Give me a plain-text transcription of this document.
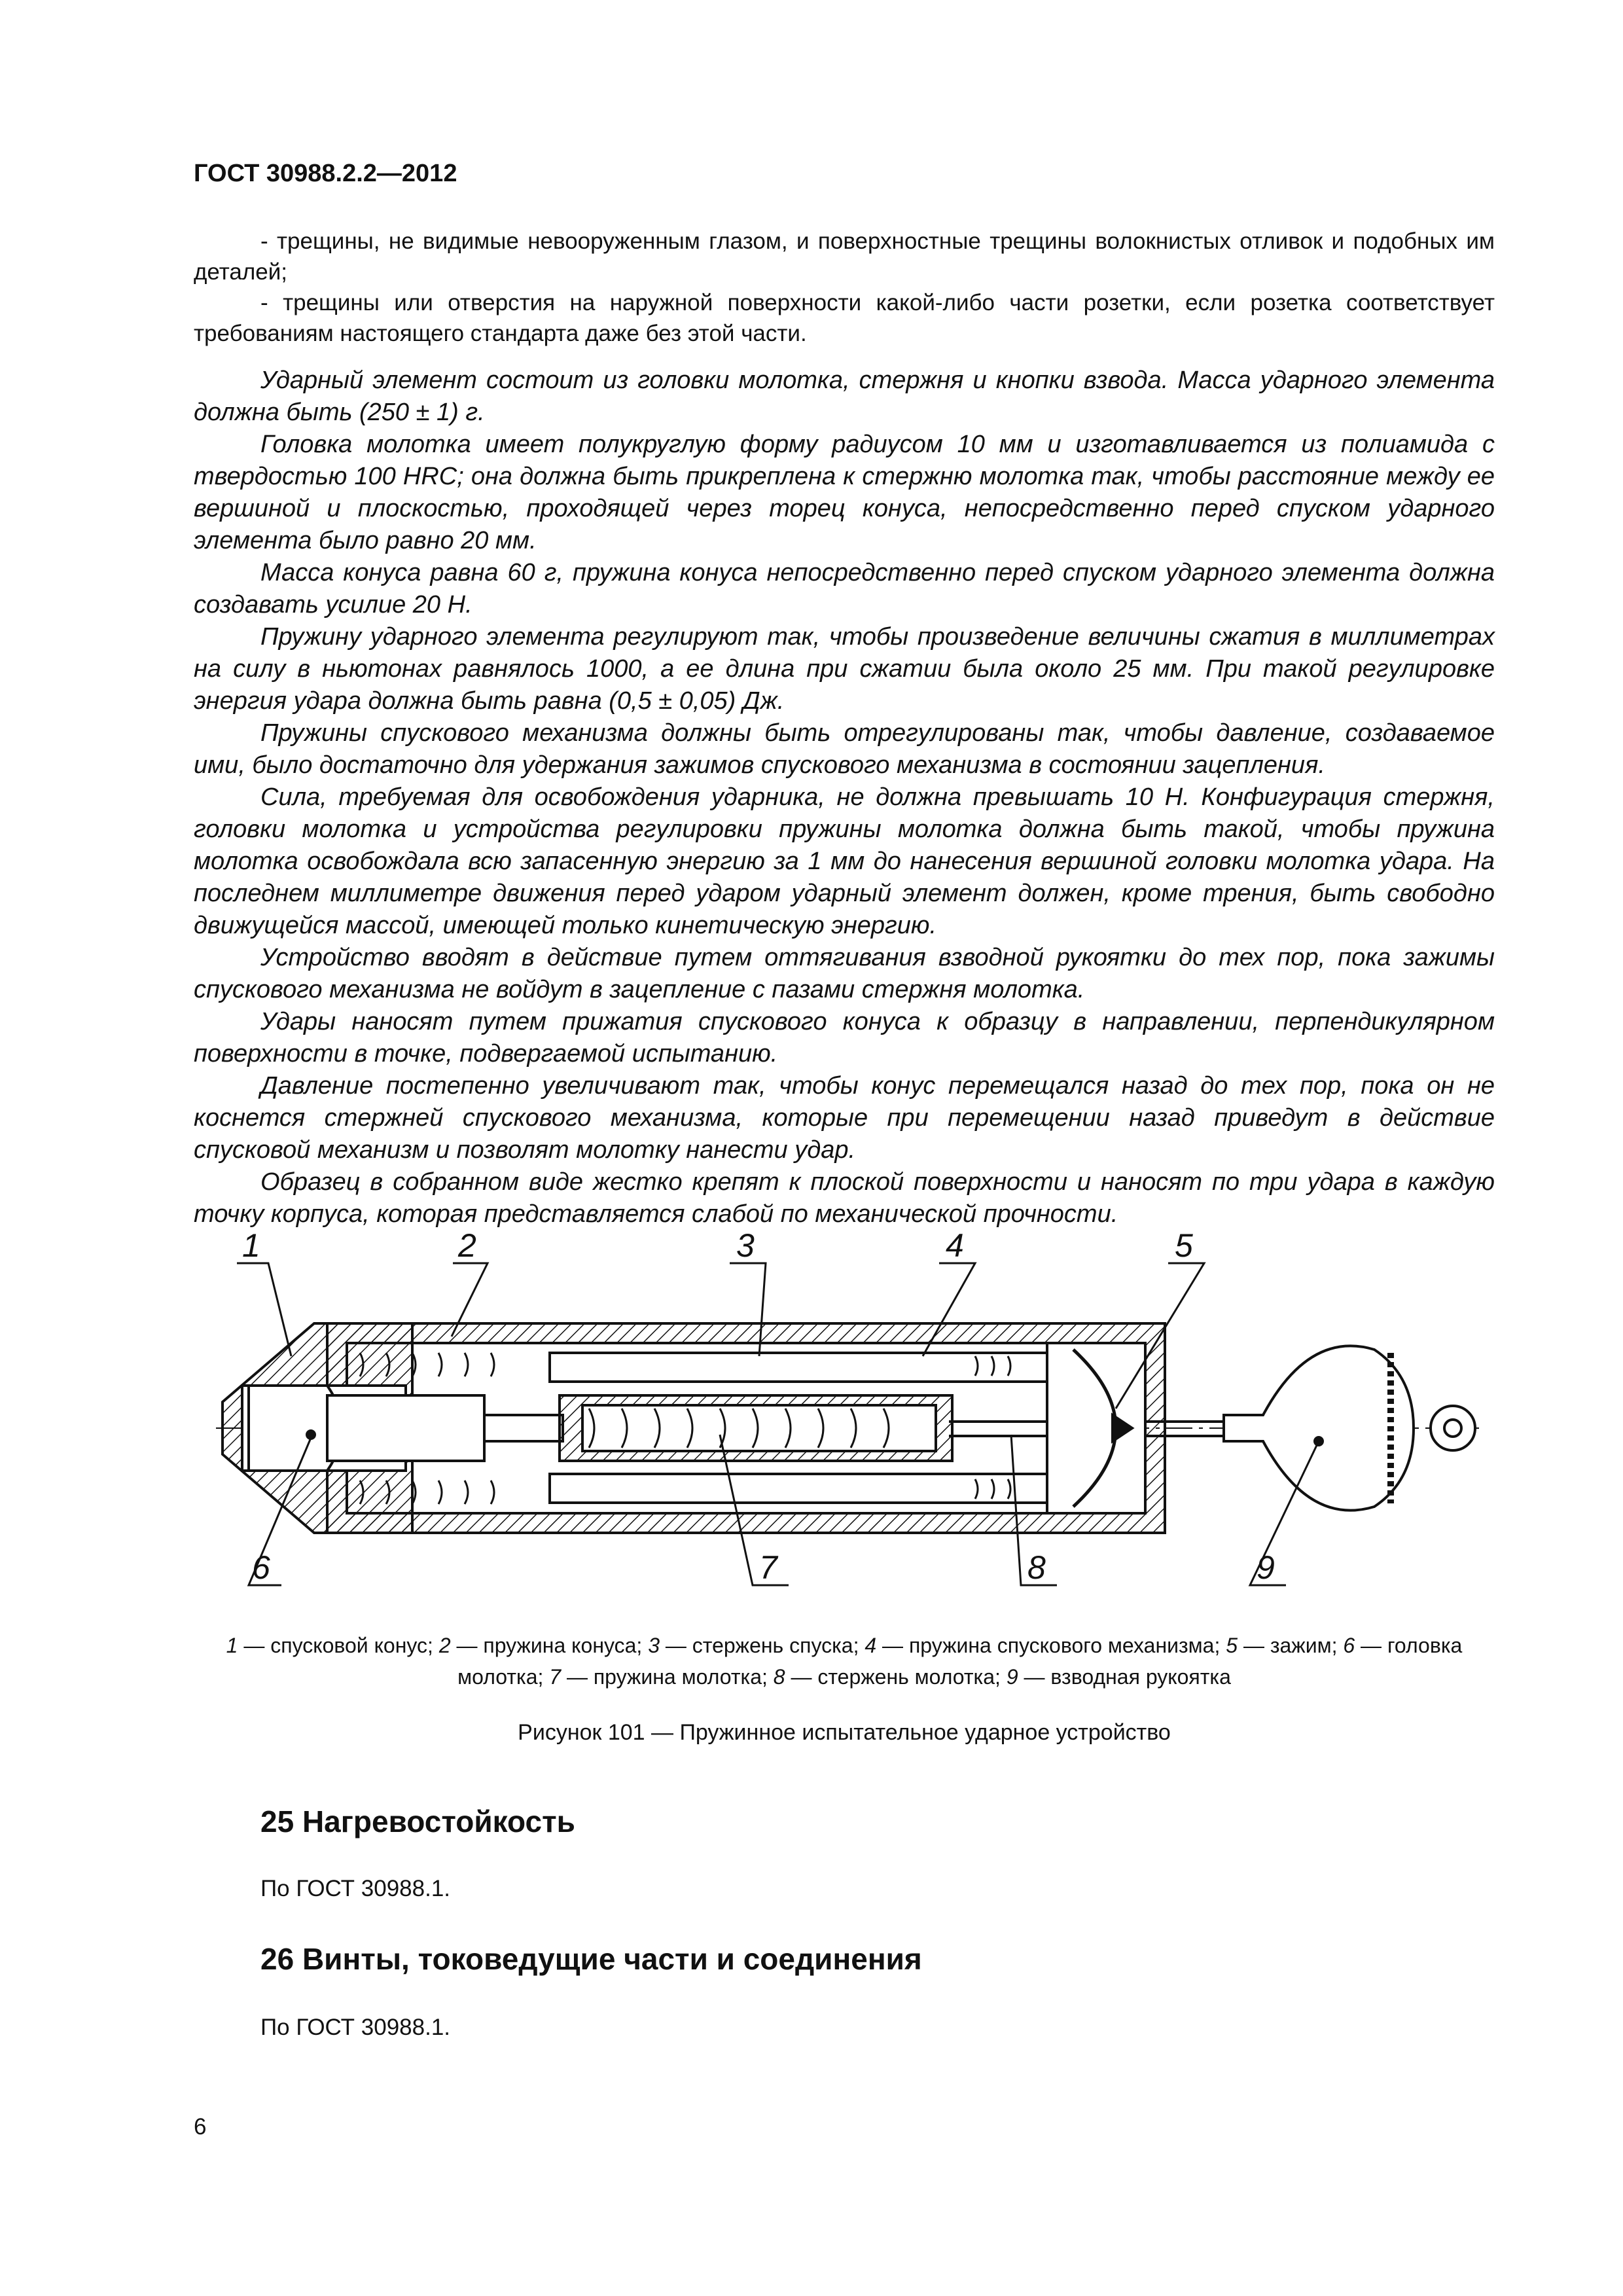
ГОСТ 30988.2.2—2012

- трещины, не видимые невооруженным глазом, и поверхностные трещины волокнистых отливок и подобных им деталей;

- трещины или отверстия на наружной поверхности какой-либо части розетки, если розетка соответствует требованиям настоящего стандарта даже без этой части.

Ударный элемент состоит из головки молотка, стержня и кнопки взвода. Масса ударного элемента должна быть (250 ± 1) г.

Головка молотка имеет полукруглую форму радиусом 10 мм и изготавливается из полиамида с твердостью 100 HRC; она должна быть прикреплена к стержню молотка так, чтобы расстояние между ее вершиной и плоскостью, проходящей через торец конуса, непосредственно перед спуском ударного элемента было равно 20 мм.

Масса конуса равна 60 г, пружина конуса непосредственно перед спуском ударного элемента должна создавать усилие 20 Н.

Пружину ударного элемента регулируют так, чтобы произведение величины сжатия в миллиметрах на силу в ньютонах равнялось 1000, а ее длина при сжатии была около 25 мм. При такой регулировке энергия удара должна быть равна (0,5 ± 0,05) Дж.

Пружины спускового механизма должны быть отрегулированы так, чтобы давление, создаваемое ими, было достаточно для удержания зажимов спускового механизма в состоянии зацепления.

Сила, требуемая для освобождения ударника, не должна превышать 10 Н. Конфигурация стержня, головки молотка и устройства регулировки пружины молотка должна быть такой, чтобы пружина молотка освобождала всю запасенную энергию за 1 мм до нанесения вершиной головки молотка удара. На последнем миллиметре движения перед ударом ударный элемент должен, кроме трения, быть свободно движущейся массой, имеющей только кинетическую энергию.

Устройство вводят в действие путем оттягивания взводной рукоятки до тех пор, пока зажимы спускового механизма не войдут в зацепление с пазами стержня молотка.

Удары наносят путем прижатия спускового конуса к образцу в направлении, перпендикулярном поверхности в точке, подвергаемой испытанию.

Давление постепенно увеличивают так, чтобы конус перемещался назад до тех пор, пока он не коснется стержней спускового механизма, которые при перемещении назад приведут в действие спусковой механизм и позволят молотку нанести удар.

Образец в собранном виде жестко крепят к плоской поверхности и наносят по три удара в каждую точку корпуса, которая представляется слабой по механической прочности.

1	2	3	4	5
6	7	8	9
1 — спусковой конус; 2 — пружина конуса; 3 — стержень спуска; 4 — пружина спускового механизма; 5 — зажим; 6 — головка молотка; 7 — пружина молотка; 8 — стержень молотка; 9 — взводная рукоятка
Рисунок 101 — Пружинное испытательное ударное устройство
25 Нагревостойкость
По ГОСТ 30988.1.
26 Винты, токоведущие части и соединения
По ГОСТ 30988.1.
6
